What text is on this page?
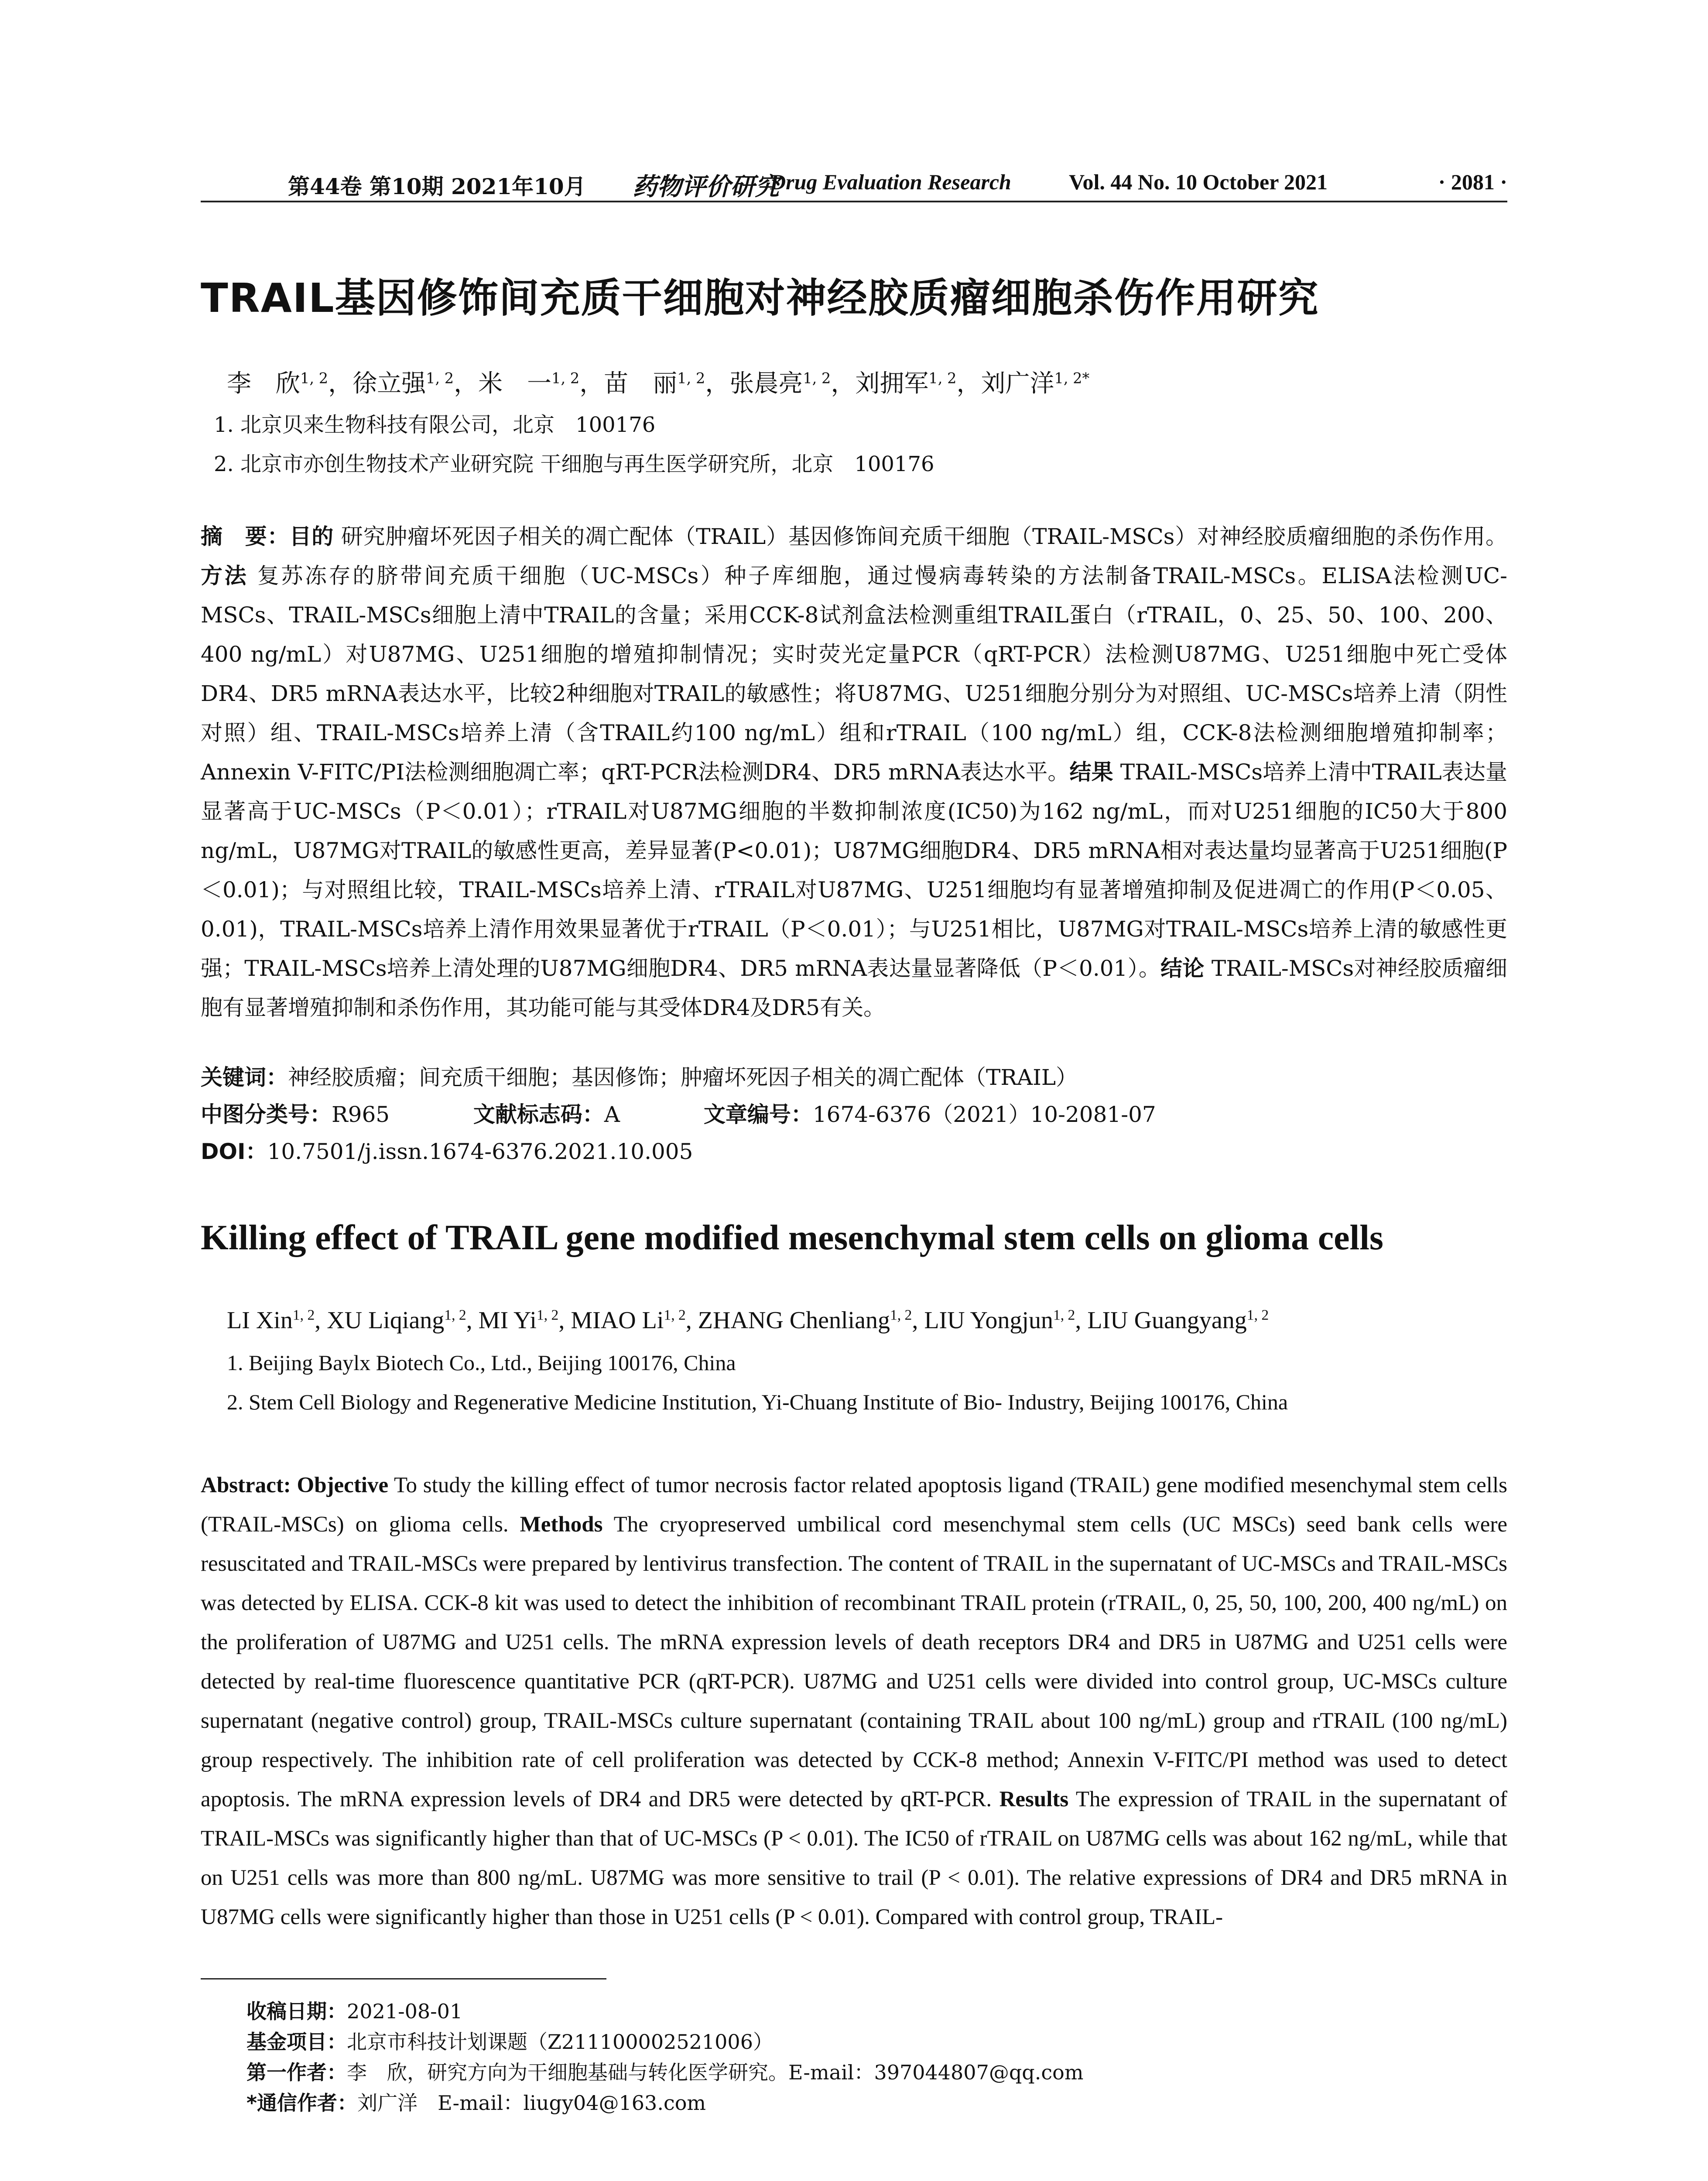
第44卷 第10期 2021年10月 药物评价研究
Drug Evaluation Research	Vol. 44 No. 10 October 2021	· 2081 ·
TRAIL基因修饰间充质干细胞对神经胶质瘤细胞杀伤作用研究
李　欣$^{1, 2}$，徐立强$^{1, 2}$，米　一$^{1, 2}$，苗　丽$^{1, 2}$，张晨亮$^{1, 2}$，刘拥军$^{1, 2}$，刘广洋$^{1, 2*}$
1. 北京贝来生物科技有限公司，北京　100176
2. 北京市亦创生物技术产业研究院 干细胞与再生医学研究所，北京　100176
摘　要：目的 研究肿瘤坏死因子相关的凋亡配体（TRAIL）基因修饰间充质干细胞（TRAIL-MSCs）对神经胶质瘤细胞的杀伤作用。方法 复苏冻存的脐带间充质干细胞（UC-MSCs）种子库细胞，通过慢病毒转染的方法制备TRAIL-MSCs。ELISA法检测UC-MSCs、TRAIL-MSCs细胞上清中TRAIL的含量；采用CCK-8试剂盒法检测重组TRAIL蛋白（rTRAIL，0、25、50、100、200、400 ng/mL）对U87MG、U251细胞的增殖抑制情况；实时荧光定量PCR（qRT-PCR）法检测U87MG、U251细胞中死亡受体DR4、DR5 mRNA表达水平，比较2种细胞对TRAIL的敏感性；将U87MG、U251细胞分别分为对照组、UC-MSCs培养上清（阴性对照）组、TRAIL-MSCs培养上清（含TRAIL约100 ng/mL）组和rTRAIL（100 ng/mL）组，CCK-8法检测细胞增殖抑制率；Annexin V-FITC/PI法检测细胞凋亡率；qRT-PCR法检测DR4、DR5 mRNA表达水平。结果 TRAIL-MSCs培养上清中TRAIL表达量显著高于UC-MSCs（P＜0.01）；rTRAIL对U87MG细胞的半数抑制浓度(IC50)为162 ng/mL，而对U251细胞的IC50大于800 ng/mL，U87MG对TRAIL的敏感性更高，差异显著(P<0.01)；U87MG细胞DR4、DR5 mRNA相对表达量均显著高于U251细胞(P＜0.01)；与对照组比较，TRAIL-MSCs培养上清、rTRAIL对U87MG、U251细胞均有显著增殖抑制及促进凋亡的作用(P＜0.05、0.01)，TRAIL-MSCs培养上清作用效果显著优于rTRAIL（P＜0.01）；与U251相比，U87MG对TRAIL-MSCs培养上清的敏感性更强；TRAIL-MSCs培养上清处理的U87MG细胞DR4、DR5 mRNA表达量显著降低（P＜0.01）。结论 TRAIL-MSCs对神经胶质瘤细胞有显著增殖抑制和杀伤作用，其功能可能与其受体DR4及DR5有关。
关键词：神经胶质瘤；间充质干细胞；基因修饰；肿瘤坏死因子相关的凋亡配体（TRAIL）
中图分类号：R965	文献标志码：A	文章编号：1674-6376（2021）10-2081-07
DOI：10.7501/j.issn.1674-6376.2021.10.005
Killing effect of TRAIL gene modified mesenchymal stem cells on glioma cells
LI Xin$^{1, 2}$, XU Liqiang$^{1, 2}$, MI Yi$^{1, 2}$, MIAO Li$^{1, 2}$, ZHANG Chenliang$^{1, 2}$, LIU Yongjun$^{1, 2}$, LIU Guangyang$^{1, 2}$
1. Beijing Baylx Biotech Co., Ltd., Beijing 100176, China
2. Stem Cell Biology and Regenerative Medicine Institution, Yi-Chuang Institute of Bio- Industry, Beijing 100176, China
Abstract: Objective To study the killing effect of tumor necrosis factor related apoptosis ligand (TRAIL) gene modified mesenchymal stem cells (TRAIL-MSCs) on glioma cells. Methods The cryopreserved umbilical cord mesenchymal stem cells (UC MSCs) seed bank cells were resuscitated and TRAIL-MSCs were prepared by lentivirus transfection. The content of TRAIL in the supernatant of UC-MSCs and TRAIL-MSCs was detected by ELISA. CCK-8 kit was used to detect the inhibition of recombinant TRAIL protein (rTRAIL, 0, 25, 50, 100, 200, 400 ng/mL) on the proliferation of U87MG and U251 cells. The mRNA expression levels of death receptors DR4 and DR5 in U87MG and U251 cells were detected by real-time fluorescence quantitative PCR (qRT-PCR). U87MG and U251 cells were divided into control group, UC-MSCs culture supernatant (negative control) group, TRAIL-MSCs culture supernatant (containing TRAIL about 100 ng/mL) group and rTRAIL (100 ng/mL) group respectively. The inhibition rate of cell proliferation was detected by CCK-8 method; Annexin V-FITC/PI method was used to detect apoptosis. The mRNA expression levels of DR4 and DR5 were detected by qRT-PCR. Results The expression of TRAIL in the supernatant of TRAIL-MSCs was significantly higher than that of UC-MSCs (P < 0.01). The IC50 of rTRAIL on U87MG cells was about 162 ng/mL, while that on U251 cells was more than 800 ng/mL. U87MG was more sensitive to trail (P < 0.01). The relative expressions of DR4 and DR5 mRNA in U87MG cells were significantly higher than those in U251 cells (P < 0.01). Compared with control group, TRAIL-
收稿日期：2021-08-01
基金项目：北京市科技计划课题（Z211100002521006）
第一作者：李　欣，研究方向为干细胞基础与转化医学研究。E-mail：397044807@qq.com
*通信作者：刘广洋　E-mail：liugy04@163.com
